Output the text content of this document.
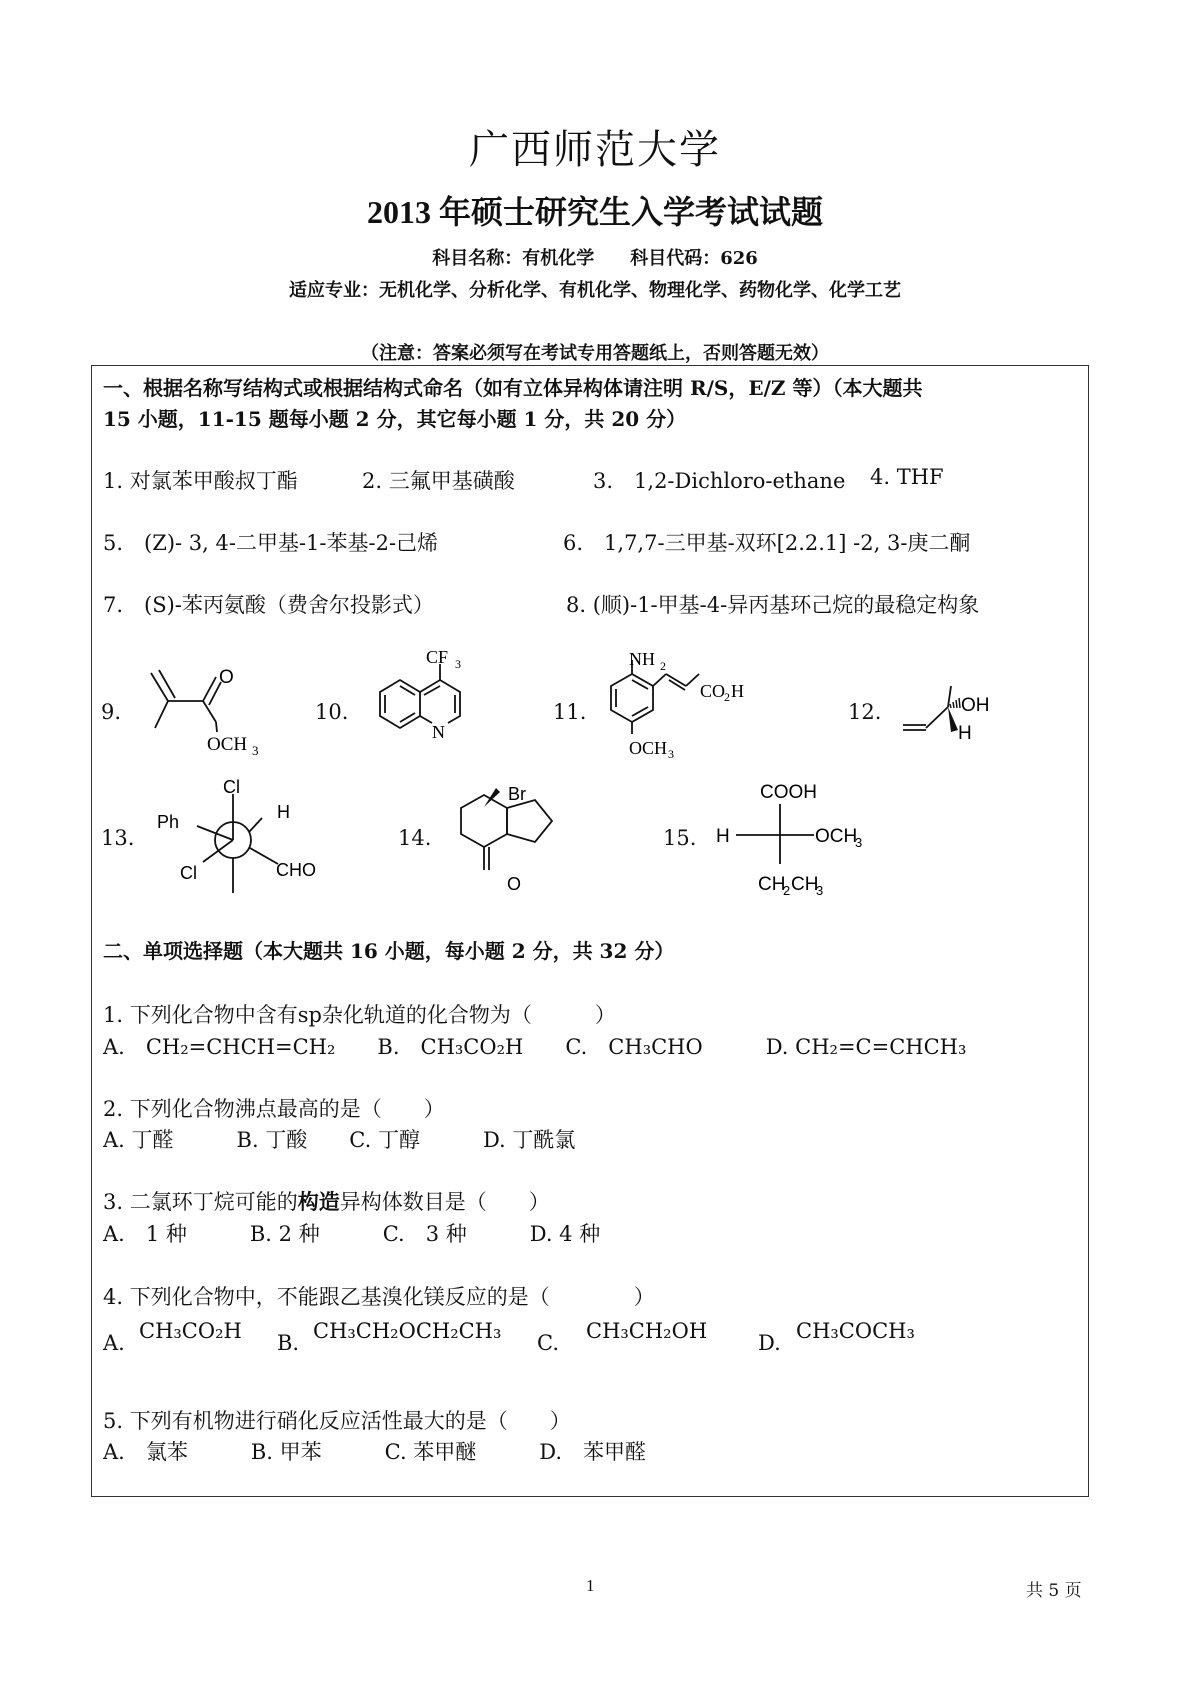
广西师范大学
2013 年硕士研究生入学考试试题
科目名称：有机化学　　科目代码：626
适应专业：无机化学、分析化学、有机化学、物理化学、药物化学、化学工艺
（注意：答案必须写在考试专用答题纸上，否则答题无效）
一、根据名称写结构式或根据结构式命名（如有立体异构体请注明 R/S，E/Z 等）（本大题共
15 小题，11-15 题每小题 2 分，其它每小题 1 分，共 20 分）
1. 对氯苯甲酸叔丁酯	2. 三氟甲基磺酸	3.　1,2-Dichloro-ethane 4. THF
5.　(Z)- 3, 4-二甲基-1-苯基-2-己烯	6.　1,7,7-三甲基-双环[2.2.1] -2, 3-庚二酮
7.　(S)-苯丙氨酸（费舍尔投影式）	8. (顺)-1-甲基-4-异丙基环己烷的最稳定构象
9.	10.	11.	12.
13.	14.	15.
O
OCH 3
N
CF 3	NH 2
CO
2 H
OCH 3
OH
H
Cl
Ph	H
Cl	CHO
Br
O
COOH
H	OCH
3
CH
2 CH
3
二、单项选择题（本大题共 16 小题，每小题 2 分，共 32 分）
1. 下列化合物中含有sp杂化轨道的化合物为（　　　）
A.　CH₂=CHCH=CH₂　　B.　CH₃CO₂H　　C.　CH₃CHO　　　D. CH₂=C=CHCH₃
2. 下列化合物沸点最高的是（　　）
A. 丁醛　　　B. 丁酸　　C. 丁醇　　　D. 丁酰氯
3. 二氯环丁烷可能的构造异构体数目是（　　）
A.　1 种　　　B. 2 种　　　C.　3 种　　　D. 4 种
4. 下列化合物中，不能跟乙基溴化镁反应的是（　　　　）
A. CH₃CO₂H B. CH₃CH₂OCH₂CH₃ C. CH₃CH₂OH D. CH₃COCH₃
5. 下列有机物进行硝化反应活性最大的是（　　）
A.　氯苯　　　B. 甲苯　　　C. 苯甲醚　　　D.　苯甲醛
1	共 5 页
